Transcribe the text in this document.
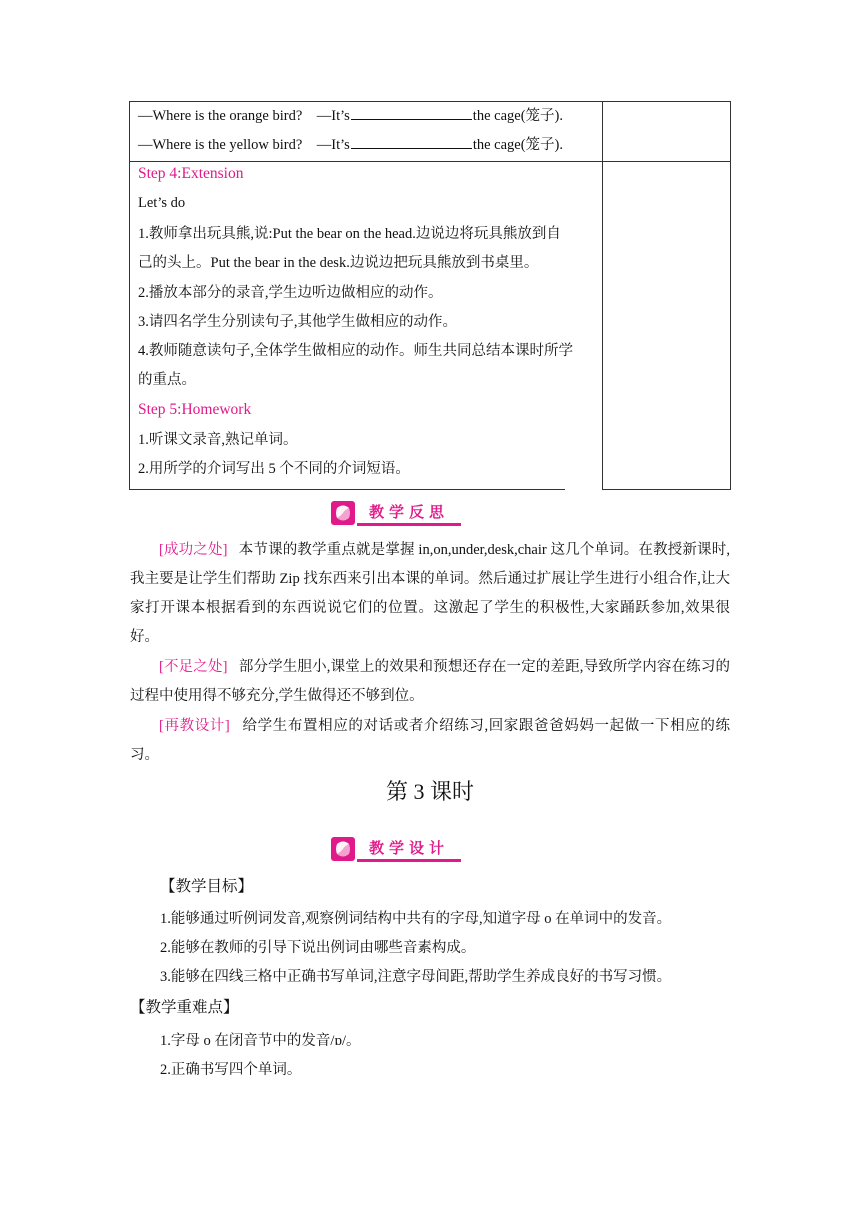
—Where is the orange bird? —It’s	the cage(笼子).
—Where is the yellow bird? —It’s	the cage(笼子).
Step 4:Extension
Let’s do
1.教师拿出玩具熊,说:Put the bear on the head.边说边将玩具熊放到自
己的头上。Put the bear in the desk.边说边把玩具熊放到书桌里。
2.播放本部分的录音,学生边听边做相应的动作。
3.请四名学生分别读句子,其他学生做相应的动作。
4.教师随意读句子,全体学生做相应的动作。师生共同总结本课时所学
的重点。
Step 5:Homework
1.听课文录音,熟记单词。
2.用所学的介词写出 5 个不同的介词短语。
教学反思
[成功之处] 本节课的教学重点就是掌握 in,on,under,desk,chair 这几个单词。在教授新课时,我主要是让学生们帮助 Zip 找东西来引出本课的单词。然后通过扩展让学生进行小组合作,让大家打开课本根据看到的东西说说它们的位置。这激起了学生的积极性,大家踊跃参加,效果很好。
[不足之处] 部分学生胆小,课堂上的效果和预想还存在一定的差距,导致所学内容在练习的过程中使用得不够充分,学生做得还不够到位。
[再教设计] 给学生布置相应的对话或者介绍练习,回家跟爸爸妈妈一起做一下相应的练习。
第 3 课时
教学设计
【教学目标】
1.能够通过听例词发音,观察例词结构中共有的字母,知道字母 o 在单词中的发音。
2.能够在教师的引导下说出例词由哪些音素构成。
3.能够在四线三格中正确书写单词,注意字母间距,帮助学生养成良好的书写习惯。
【教学重难点】
1.字母 o 在闭音节中的发音/ɒ/。
2.正确书写四个单词。
